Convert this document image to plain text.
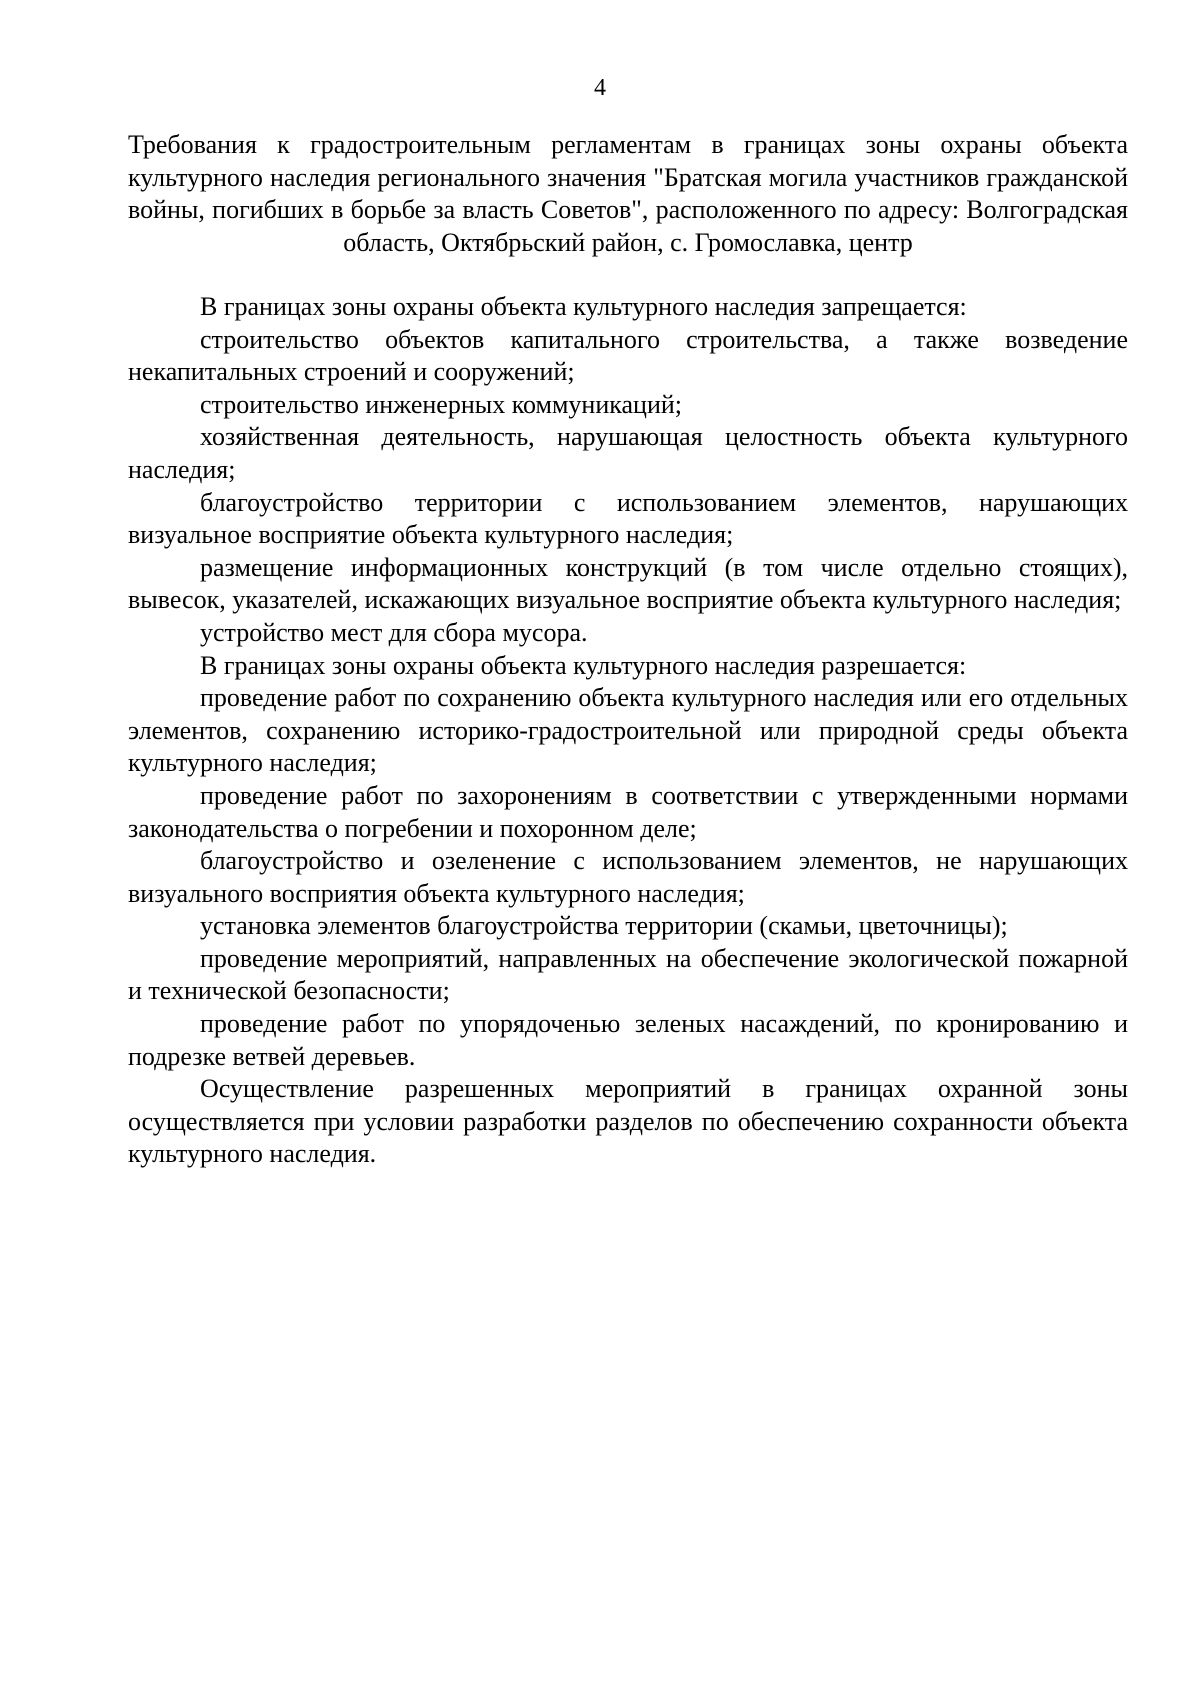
4
Требования к градостроительным регламентам в границах зоны охраны объекта культурного наследия регионального значения "Братская могила участников гражданской войны, погибших в борьбе за власть Советов", расположенного по адресу: Волгоградская область, Октябрьский район, с. Громославка, центр

В границах зоны охраны объекта культурного наследия запрещается:

строительство объектов капитального строительства, а также возведение некапитальных строений и сооружений;

строительство инженерных коммуникаций;

хозяйственная деятельность, нарушающая целостность объекта культурного наследия;

благоустройство территории с использованием элементов, нарушающих визуальное восприятие объекта культурного наследия;

размещение информационных конструкций (в том числе отдельно стоящих), вывесок, указателей, искажающих визуальное восприятие объекта культурного наследия;

устройство мест для сбора мусора.

В границах зоны охраны объекта культурного наследия разрешается:

проведение работ по сохранению объекта культурного наследия или его отдельных элементов, сохранению историко-градостроительной или природной среды объекта культурного наследия;

проведение работ по захоронениям в соответствии с утвержденными нормами законодательства о погребении и похоронном деле;

благоустройство и озеленение с использованием элементов, не нарушающих визуального восприятия объекта культурного наследия;

установка элементов благоустройства территории (скамьи, цветочницы);

проведение мероприятий, направленных на обеспечение экологической пожарной и технической безопасности;

проведение работ по упорядоченью зеленых насаждений, по кронированию и подрезке ветвей деревьев.

Осуществление разрешенных мероприятий в границах охранной зоны осуществляется при условии разработки разделов по обеспечению сохранности объекта культурного наследия.
